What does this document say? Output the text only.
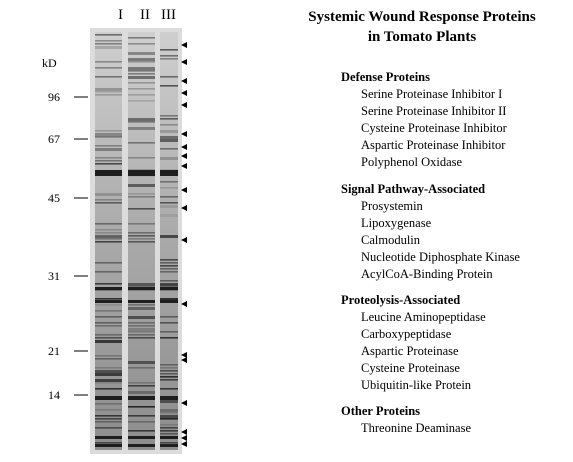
I II III
kD
96
67
45
31
21
14
Systemic Wound Response Proteins
in Tomato Plants
Defense Proteins
Serine Proteinase Inhibitor I
Serine Proteinase Inhibitor II
Cysteine Proteinase Inhibitor
Aspartic Proteinase Inhibitor
Polyphenol Oxidase
Signal Pathway-Associated
Prosystemin
Lipoxygenase
Calmodulin
Nucleotide Diphosphate Kinase
AcylCoA-Binding Protein
Proteolysis-Associated
Leucine Aminopeptidase
Carboxypeptidase
Aspartic Proteinase
Cysteine Proteinase
Ubiquitin-like Protein
Other Proteins
Threonine Deaminase
